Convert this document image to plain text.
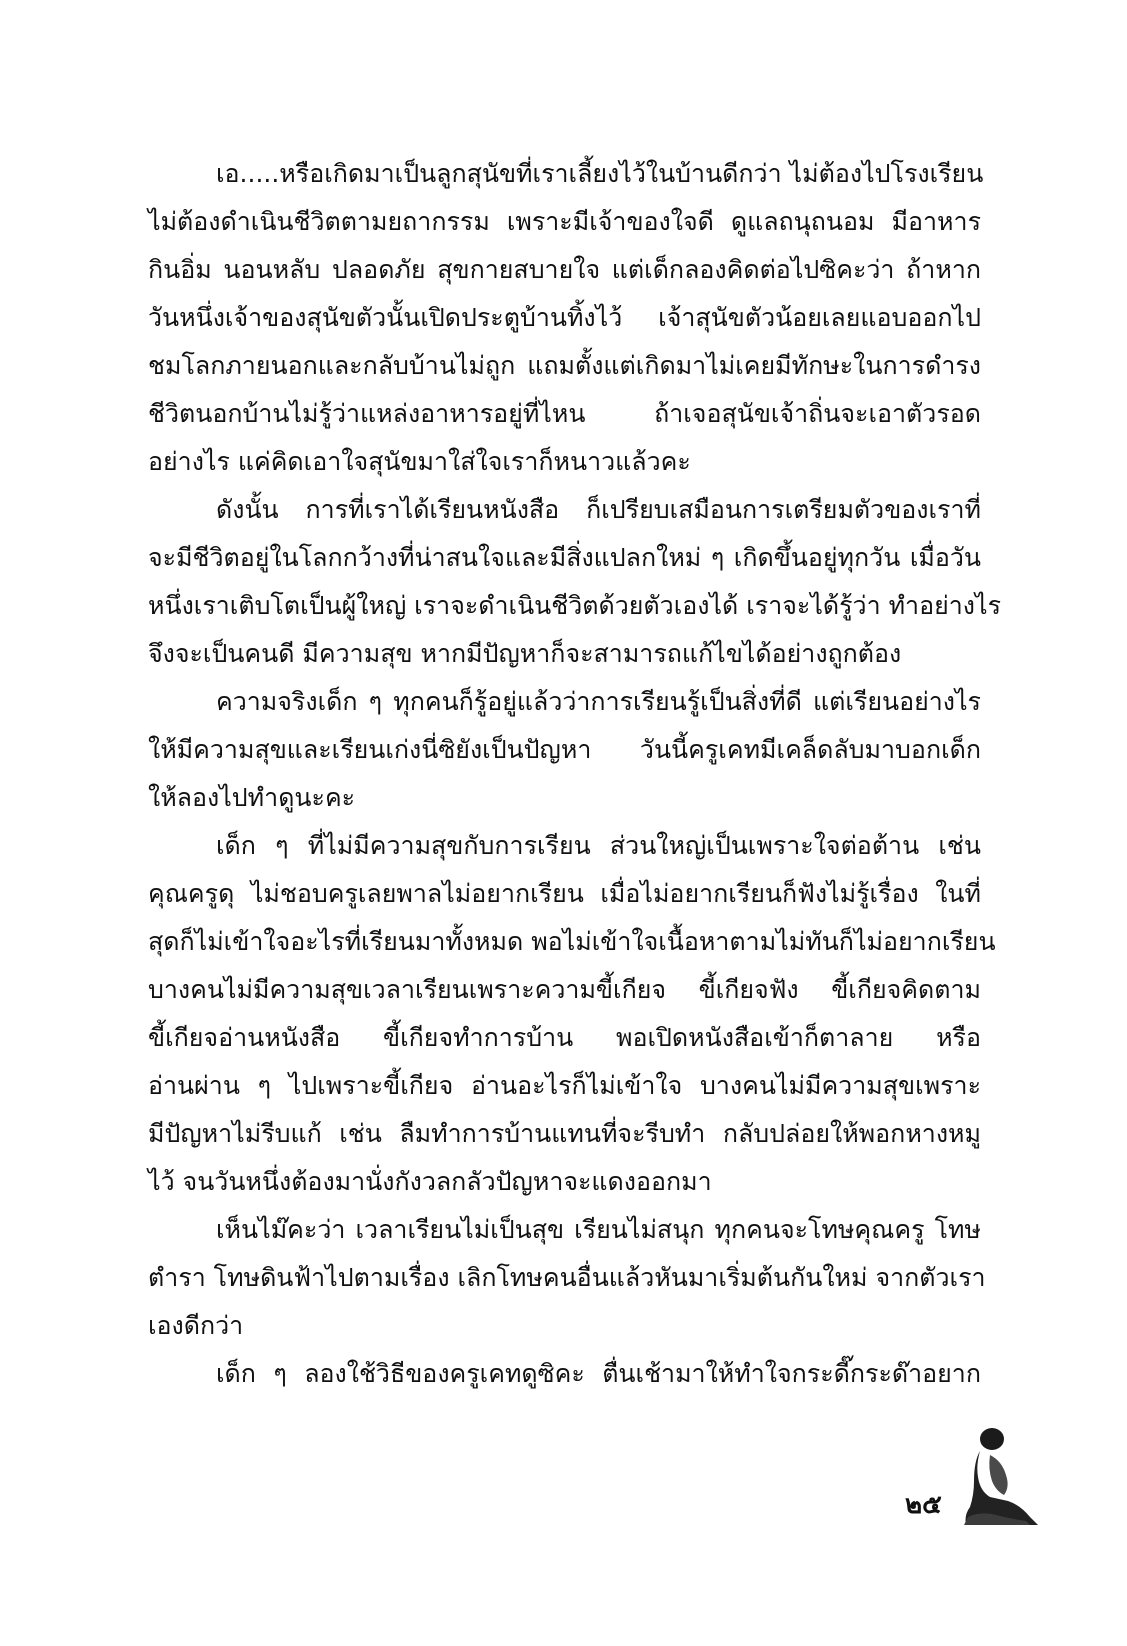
เอ.....หรือเกิดมาเป็นลูกสุนัขที่เราเลี้ยงไว้ในบ้านดีกว่า ไม่ต้องไปโรงเรียน
ไม่ต้องดำเนินชีวิตตามยถากรรม เพราะมีเจ้าของใจดี ดูแลถนุถนอม มีอาหาร
กินอิ่ม นอนหลับ ปลอดภัย สุขกายสบายใจ แต่เด็กลองคิดต่อไปซิคะว่า ถ้าหาก
วันหนึ่งเจ้าของสุนัขตัวนั้นเปิดประตูบ้านทิ้งไว้ เจ้าสุนัขตัวน้อยเลยแอบออกไป
ชมโลกภายนอกและกลับบ้านไม่ถูก แถมตั้งแต่เกิดมาไม่เคยมีทักษะในการดำรง
ชีวิตนอกบ้านไม่รู้ว่าแหล่งอาหารอยู่ที่ไหน ถ้าเจอสุนัขเจ้าถิ่นจะเอาตัวรอด
อย่างไร แค่คิดเอาใจสุนัขมาใส่ใจเราก็หนาวแล้วคะ
ดังนั้น การที่เราได้เรียนหนังสือ ก็เปรียบเสมือนการเตรียมตัวของเราที่
จะมีชีวิตอยู่ในโลกกว้างที่น่าสนใจและมีสิ่งแปลกใหม่ ๆ เกิดขึ้นอยู่ทุกวัน เมื่อวัน
หนึ่งเราเติบโตเป็นผู้ใหญ่ เราจะดำเนินชีวิตด้วยตัวเองได้ เราจะได้รู้ว่า ทำอย่างไร
จึงจะเป็นคนดี มีความสุข หากมีปัญหาก็จะสามารถแก้ไขได้อย่างถูกต้อง
ความจริงเด็ก ๆ ทุกคนก็รู้อยู่แล้วว่าการเรียนรู้เป็นสิ่งที่ดี แต่เรียนอย่างไร
ให้มีความสุขและเรียนเก่งนี่ซิยังเป็นปัญหา วันนี้ครูเคทมีเคล็ดลับมาบอกเด็ก
ให้ลองไปทำดูนะคะ
เด็ก ๆ ที่ไม่มีความสุขกับการเรียน ส่วนใหญ่เป็นเพราะใจต่อต้าน เช่น
คุณครูดุ ไม่ชอบครูเลยพาลไม่อยากเรียน เมื่อไม่อยากเรียนก็ฟังไม่รู้เรื่อง ในที่
สุดก็ไม่เข้าใจอะไรที่เรียนมาทั้งหมด พอไม่เข้าใจเนื้อหาตามไม่ทันก็ไม่อยากเรียน
บางคนไม่มีความสุขเวลาเรียนเพราะความขี้เกียจ ขี้เกียจฟัง ขี้เกียจคิดตาม
ขี้เกียจอ่านหนังสือ ขี้เกียจทำการบ้าน พอเปิดหนังสือเข้าก็ตาลาย หรือ
อ่านผ่าน ๆ ไปเพราะขี้เกียจ อ่านอะไรก็ไม่เข้าใจ บางคนไม่มีความสุขเพราะ
มีปัญหาไม่รีบแก้ เช่น ลืมทำการบ้านแทนที่จะรีบทำ กลับปล่อยให้พอกหางหมู
ไว้ จนวันหนึ่งต้องมานั่งกังวลกลัวปัญหาจะแดงออกมา
เห็นไม๊คะว่า เวลาเรียนไม่เป็นสุข เรียนไม่สนุก ทุกคนจะโทษคุณครู โทษ
ตำรา โทษดินฟ้าไปตามเรื่อง เลิกโทษคนอื่นแล้วหันมาเริ่มต้นกันใหม่ จากตัวเรา
เองดีกว่า
เด็ก ๆ ลองใช้วิธีของครูเคทดูซิคะ ตื่นเช้ามาให้ทำใจกระดี๊กระด๊าอยาก
๒๕
